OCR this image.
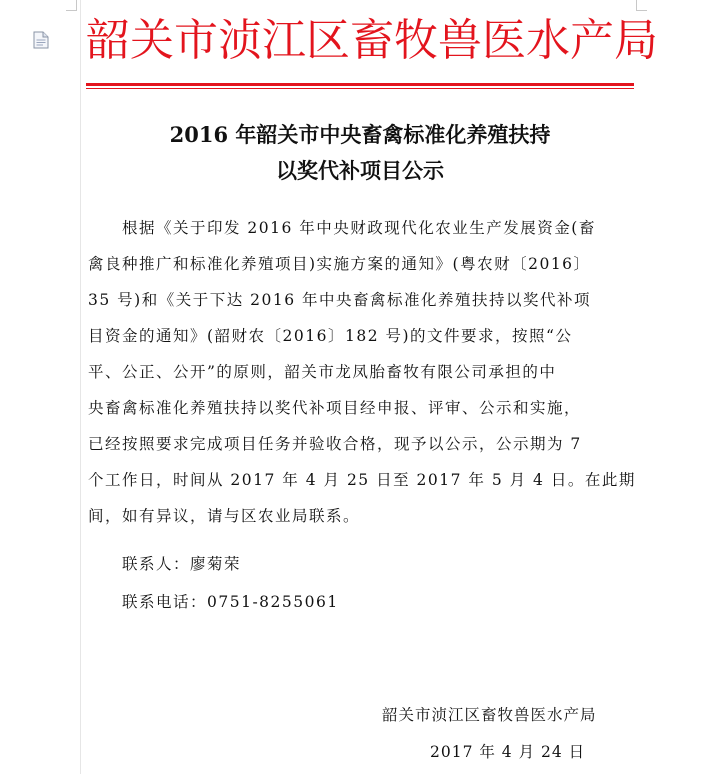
韶关市浈江区畜牧兽医水产局
2016 年韶关市中央畜禽标准化养殖扶持
以奖代补项目公示
根据《关于印发 2016 年中央财政现代化农业生产发展资金(畜
禽良种推广和标准化养殖项目)实施方案的通知》(粤农财〔2016〕
35 号)和《关于下达 2016 年中央畜禽标准化养殖扶持以奖代补项
目资金的通知》(韶财农〔2016〕182 号)的文件要求，按照“公
平、公正、公开”的原则，韶关市龙凤胎畜牧有限公司承担的中
央畜禽标准化养殖扶持以奖代补项目经申报、评审、公示和实施，
已经按照要求完成项目任务并验收合格，现予以公示，公示期为 7
个工作日，时间从 2017 年 4 月 25 日至 2017 年 5 月 4 日。在此期
间，如有异议，请与区农业局联系。
联系人：廖菊荣
联系电话：0751-8255061
韶关市浈江区畜牧兽医水产局
2017 年 4 月 24 日
